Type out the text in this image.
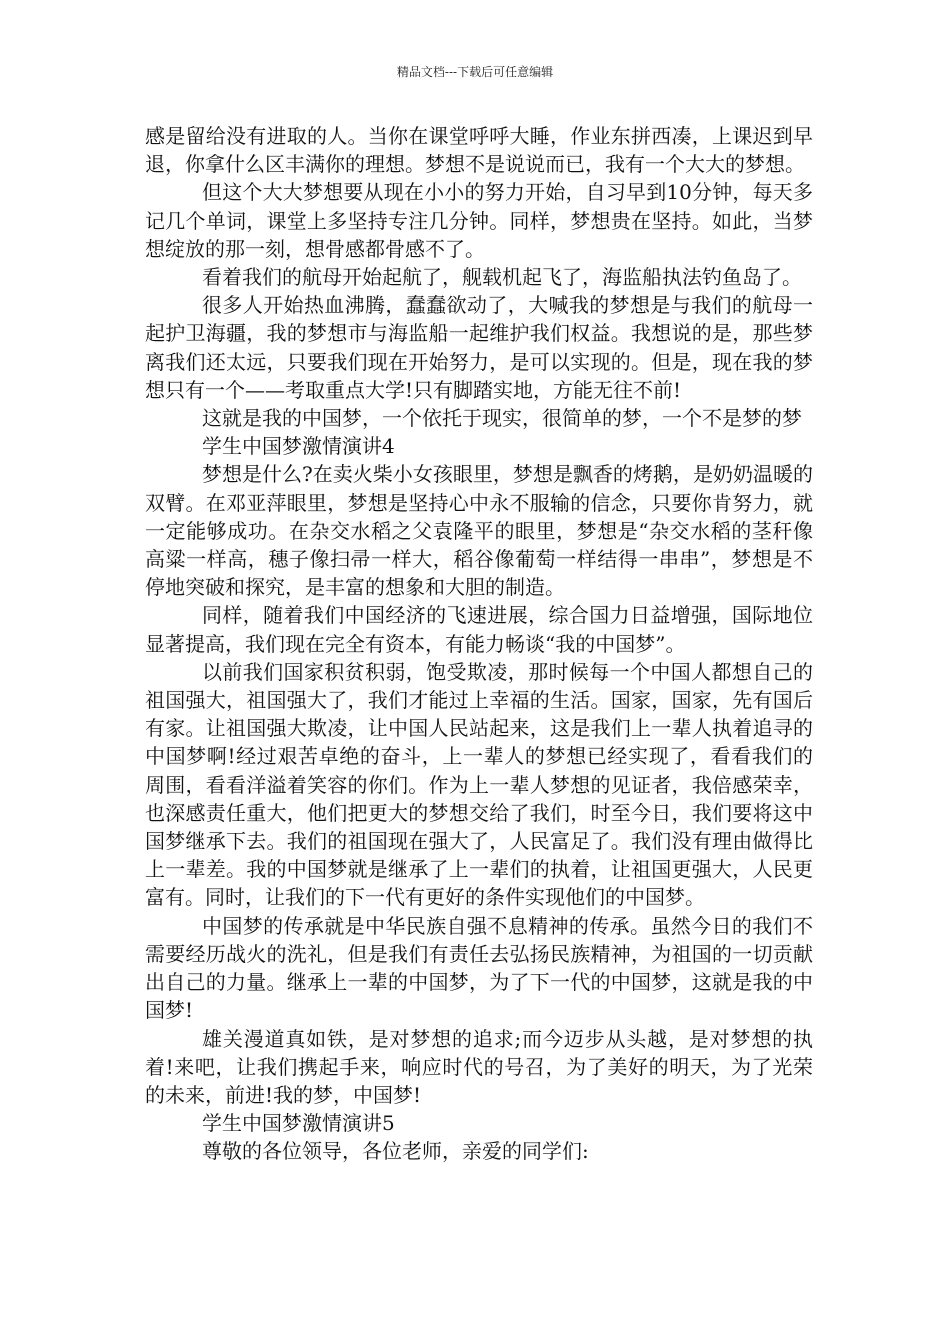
精品文档---下载后可任意编辑

感是留给没有进取的人。当你在课堂呼呼大睡，作业东拼西凑，上课迟到早退，你拿什么区丰满你的理想。梦想不是说说而已，我有一个大大的梦想。

但这个大大梦想要从现在小小的努力开始，自习早到10分钟，每天多记几个单词，课堂上多坚持专注几分钟。同样，梦想贵在坚持。如此，当梦想绽放的那一刻，想骨感都骨感不了。

看着我们的航母开始起航了，舰载机起飞了，海监船执法钓鱼岛了。

很多人开始热血沸腾，蠢蠢欲动了，大喊我的梦想是与我们的航母一起护卫海疆，我的梦想市与海监船一起维护我们权益。我想说的是，那些梦离我们还太远，只要我们现在开始努力，是可以实现的。但是，现在我的梦想只有一个——考取重点大学!只有脚踏实地，方能无往不前!

这就是我的中国梦，一个依托于现实，很简单的梦，一个不是梦的梦

学生中国梦激情演讲4

梦想是什么?在卖火柴小女孩眼里，梦想是飘香的烤鹅，是奶奶温暖的双臂。在邓亚萍眼里，梦想是坚持心中永不服输的信念，只要你肯努力，就一定能够成功。在杂交水稻之父袁隆平的眼里，梦想是“杂交水稻的茎秆像高粱一样高，穗子像扫帚一样大，稻谷像葡萄一样结得一串串”，梦想是不停地突破和探究，是丰富的想象和大胆的制造。

同样，随着我们中国经济的飞速进展，综合国力日益增强，国际地位显著提高，我们现在完全有资本，有能力畅谈“我的中国梦”。

以前我们国家积贫积弱，饱受欺凌，那时候每一个中国人都想自己的祖国强大，祖国强大了，我们才能过上幸福的生活。国家，国家，先有国后有家。让祖国强大欺凌，让中国人民站起来，这是我们上一辈人执着追寻的中国梦啊!经过艰苦卓绝的奋斗，上一辈人的梦想已经实现了，看看我们的周围，看看洋溢着笑容的你们。作为上一辈人梦想的见证者，我倍感荣幸，也深感责任重大，他们把更大的梦想交给了我们，时至今日，我们要将这中国梦继承下去。我们的祖国现在强大了，人民富足了。我们没有理由做得比上一辈差。我的中国梦就是继承了上一辈们的执着，让祖国更强大，人民更富有。同时，让我们的下一代有更好的条件实现他们的中国梦。

中国梦的传承就是中华民族自强不息精神的传承。虽然今日的我们不需要经历战火的洗礼，但是我们有责任去弘扬民族精神，为祖国的一切贡献出自己的力量。继承上一辈的中国梦，为了下一代的中国梦，这就是我的中国梦!

雄关漫道真如铁，是对梦想的追求;而今迈步从头越，是对梦想的执着!来吧，让我们携起手来，响应时代的号召，为了美好的明天，为了光荣的未来，前进!我的梦，中国梦!

学生中国梦激情演讲5

尊敬的各位领导，各位老师，亲爱的同学们:
